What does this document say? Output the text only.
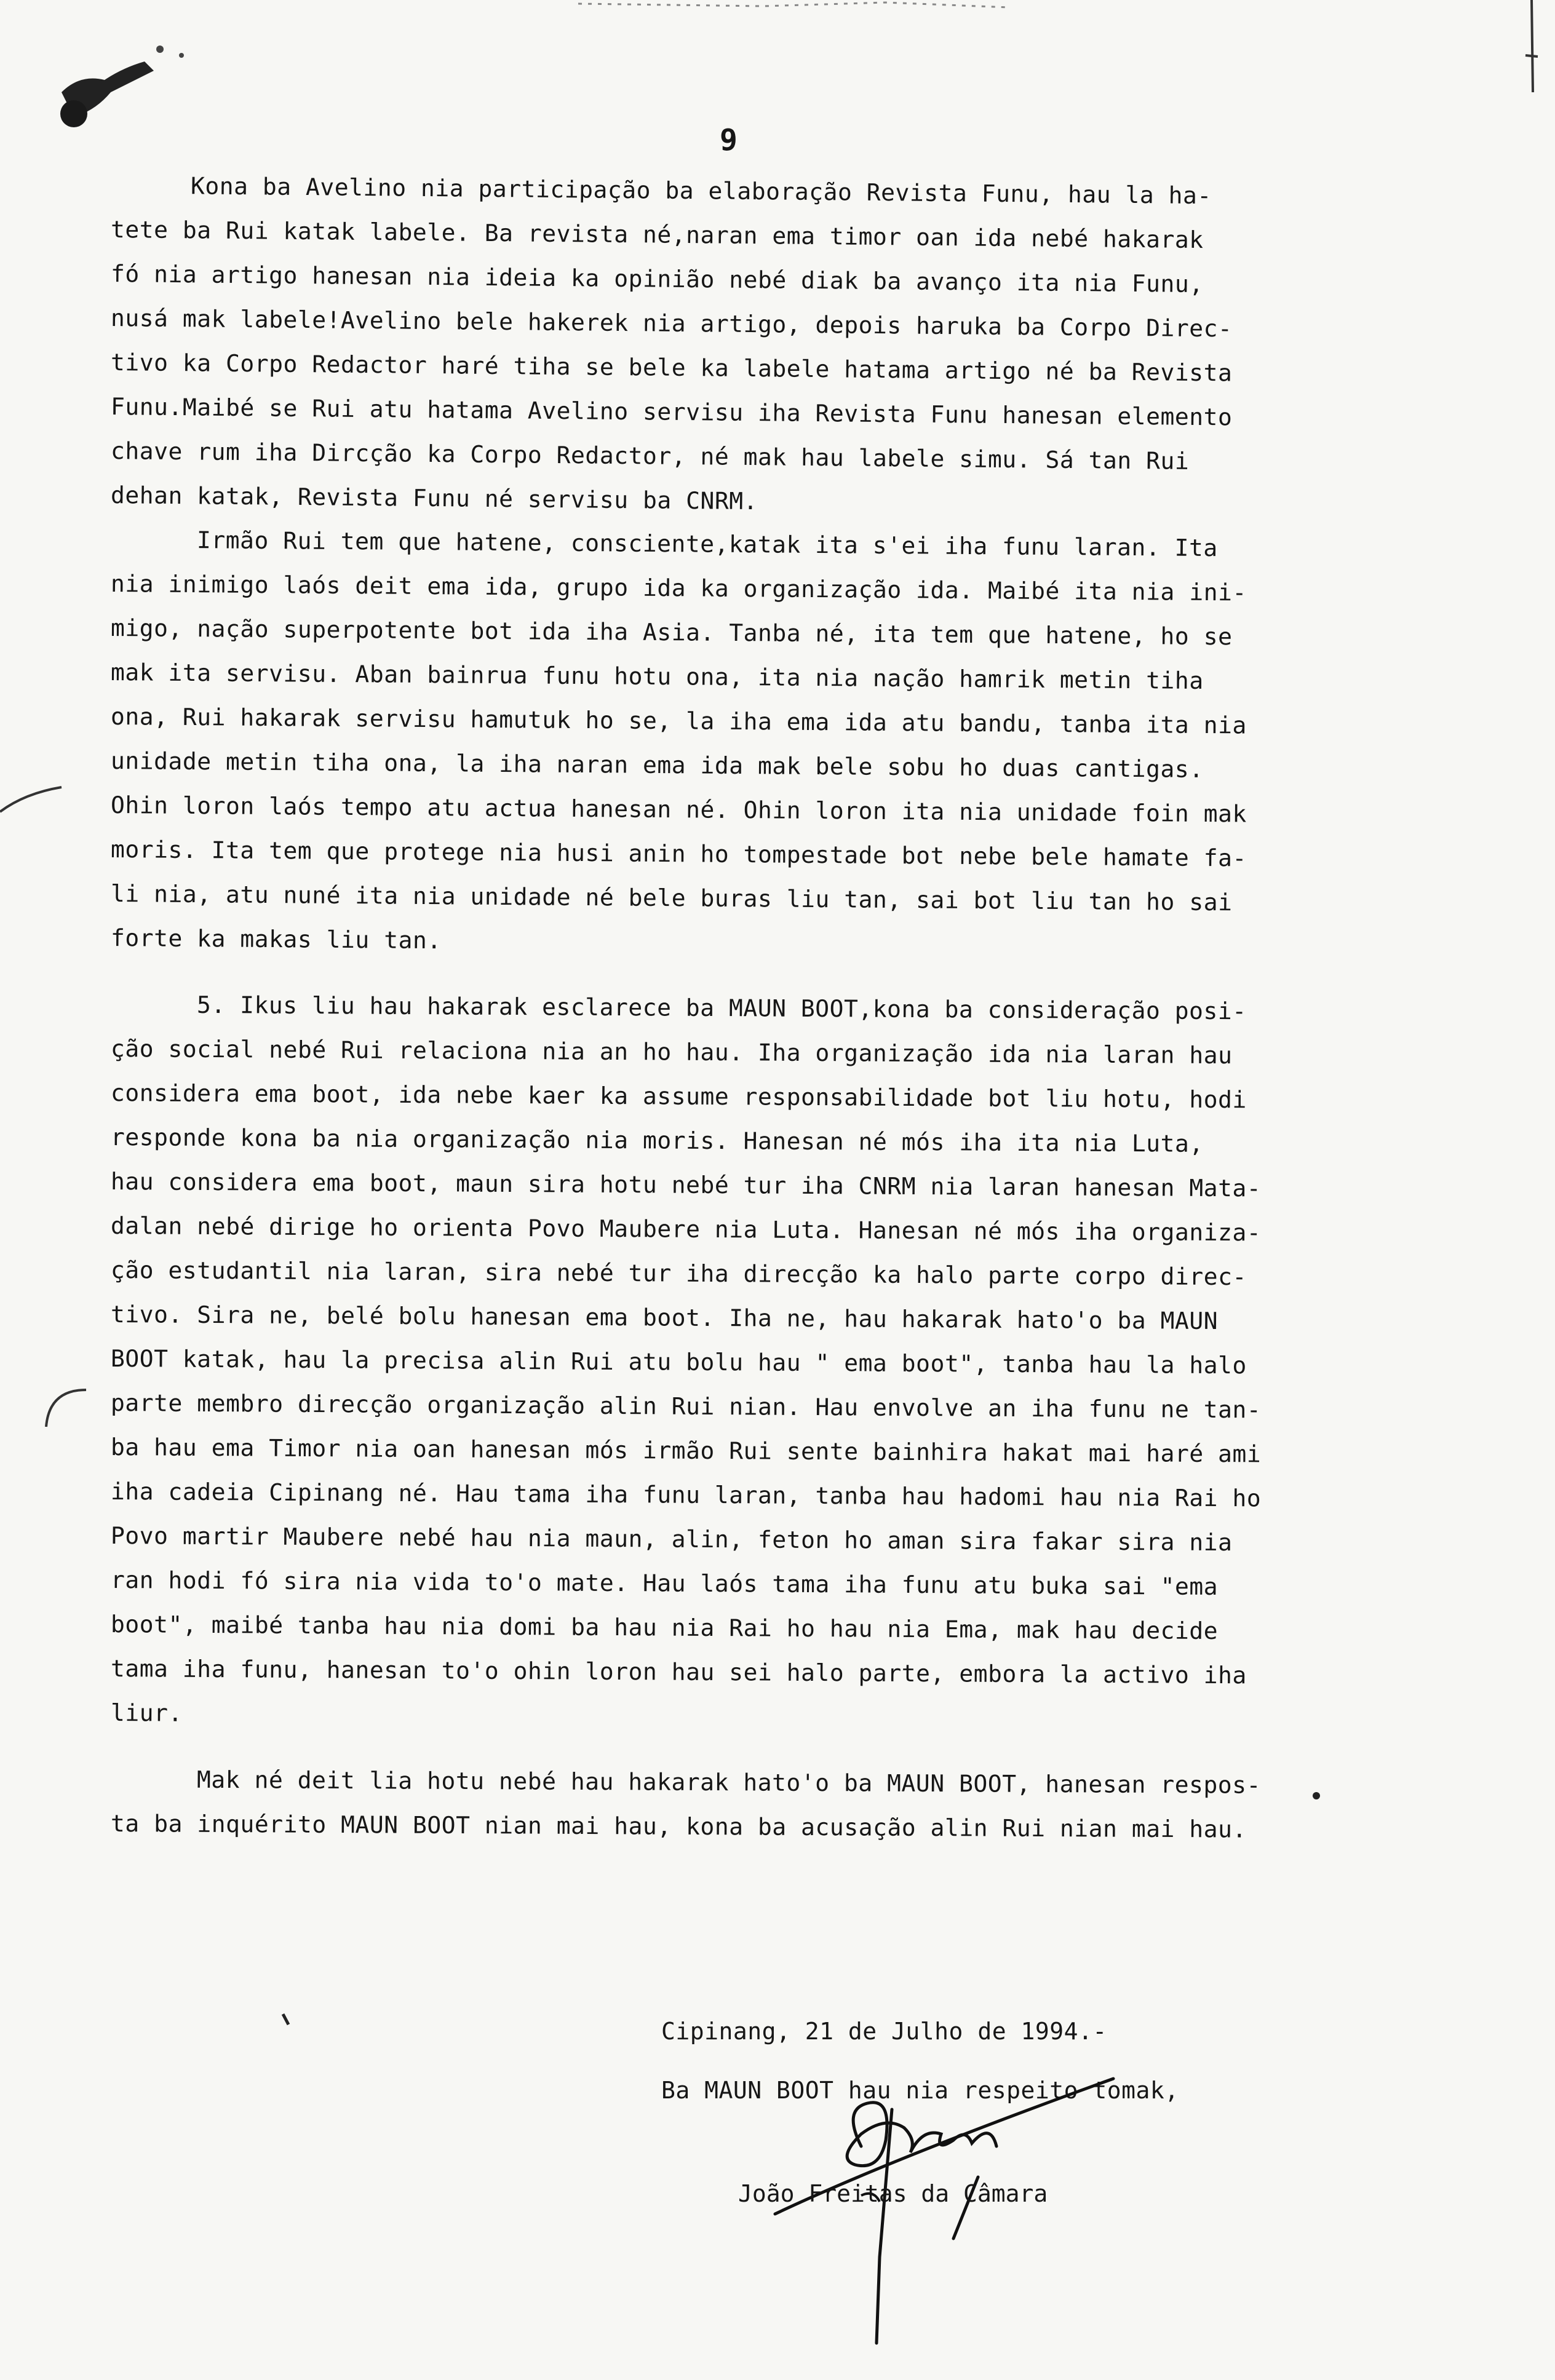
9
Kona ba Avelino nia participação ba elaboração Revista Funu, hau la ha-
tete ba Rui katak labele. Ba revista né,naran ema timor oan ida nebé hakarak
fó nia artigo hanesan nia ideia ka opinião nebé diak ba avanço ita nia Funu,
nusá mak labele!Avelino bele hakerek nia artigo, depois haruka ba Corpo Direc-
tivo ka Corpo Redactor haré tiha se bele ka labele hatama artigo né ba Revista
Funu.Maibé se Rui atu hatama Avelino servisu iha Revista Funu hanesan elemento
chave rum iha Dircção ka Corpo Redactor, né mak hau labele simu. Sá tan Rui
dehan katak, Revista Funu né servisu ba CNRM.
Irmão Rui tem que hatene, consciente,katak ita s'ei iha funu laran. Ita
nia inimigo laós deit ema ida, grupo ida ka organização ida. Maibé ita nia ini-
migo, nação superpotente bot ida iha Asia. Tanba né, ita tem que hatene, ho se
mak ita servisu. Aban bainrua funu hotu ona, ita nia nação hamrik metin tiha
ona, Rui hakarak servisu hamutuk ho se, la iha ema ida atu bandu, tanba ita nia
unidade metin tiha ona, la iha naran ema ida mak bele sobu ho duas cantigas.
Ohin loron laós tempo atu actua hanesan né. Ohin loron ita nia unidade foin mak
moris. Ita tem que protege nia husi anin ho tompestade bot nebe bele hamate fa-
li nia, atu nuné ita nia unidade né bele buras liu tan, sai bot liu tan ho sai
forte ka makas liu tan.
5. Ikus liu hau hakarak esclarece ba MAUN BOOT,kona ba consideração posi-
ção social nebé Rui relaciona nia an ho hau. Iha organização ida nia laran hau
considera ema boot, ida nebe kaer ka assume responsabilidade bot liu hotu, hodi
responde kona ba nia organização nia moris. Hanesan né mós iha ita nia Luta,
hau considera ema boot, maun sira hotu nebé tur iha CNRM nia laran hanesan Mata-
dalan nebé dirige ho orienta Povo Maubere nia Luta. Hanesan né mós iha organiza-
ção estudantil nia laran, sira nebé tur iha direcção ka halo parte corpo direc-
tivo. Sira ne, belé bolu hanesan ema boot. Iha ne, hau hakarak hato'o ba MAUN
BOOT katak, hau la precisa alin Rui atu bolu hau " ema boot", tanba hau la halo
parte membro direcção organização alin Rui nian. Hau envolve an iha funu ne tan-
ba hau ema Timor nia oan hanesan mós irmão Rui sente bainhira hakat mai haré ami
iha cadeia Cipinang né. Hau tama iha funu laran, tanba hau hadomi hau nia Rai ho
Povo martir Maubere nebé hau nia maun, alin, feton ho aman sira fakar sira nia
ran hodi fó sira nia vida to'o mate. Hau laós tama iha funu atu buka sai "ema
boot", maibé tanba hau nia domi ba hau nia Rai ho hau nia Ema, mak hau decide
tama iha funu, hanesan to'o ohin loron hau sei halo parte, embora la activo iha
liur.
Mak né deit lia hotu nebé hau hakarak hato'o ba MAUN BOOT, hanesan respos-
ta ba inquérito MAUN BOOT nian mai hau, kona ba acusação alin Rui nian mai hau.
Cipinang, 21 de Julho de 1994.-
Ba MAUN BOOT hau nia respeito tomak,
João Freitas da Câmara
